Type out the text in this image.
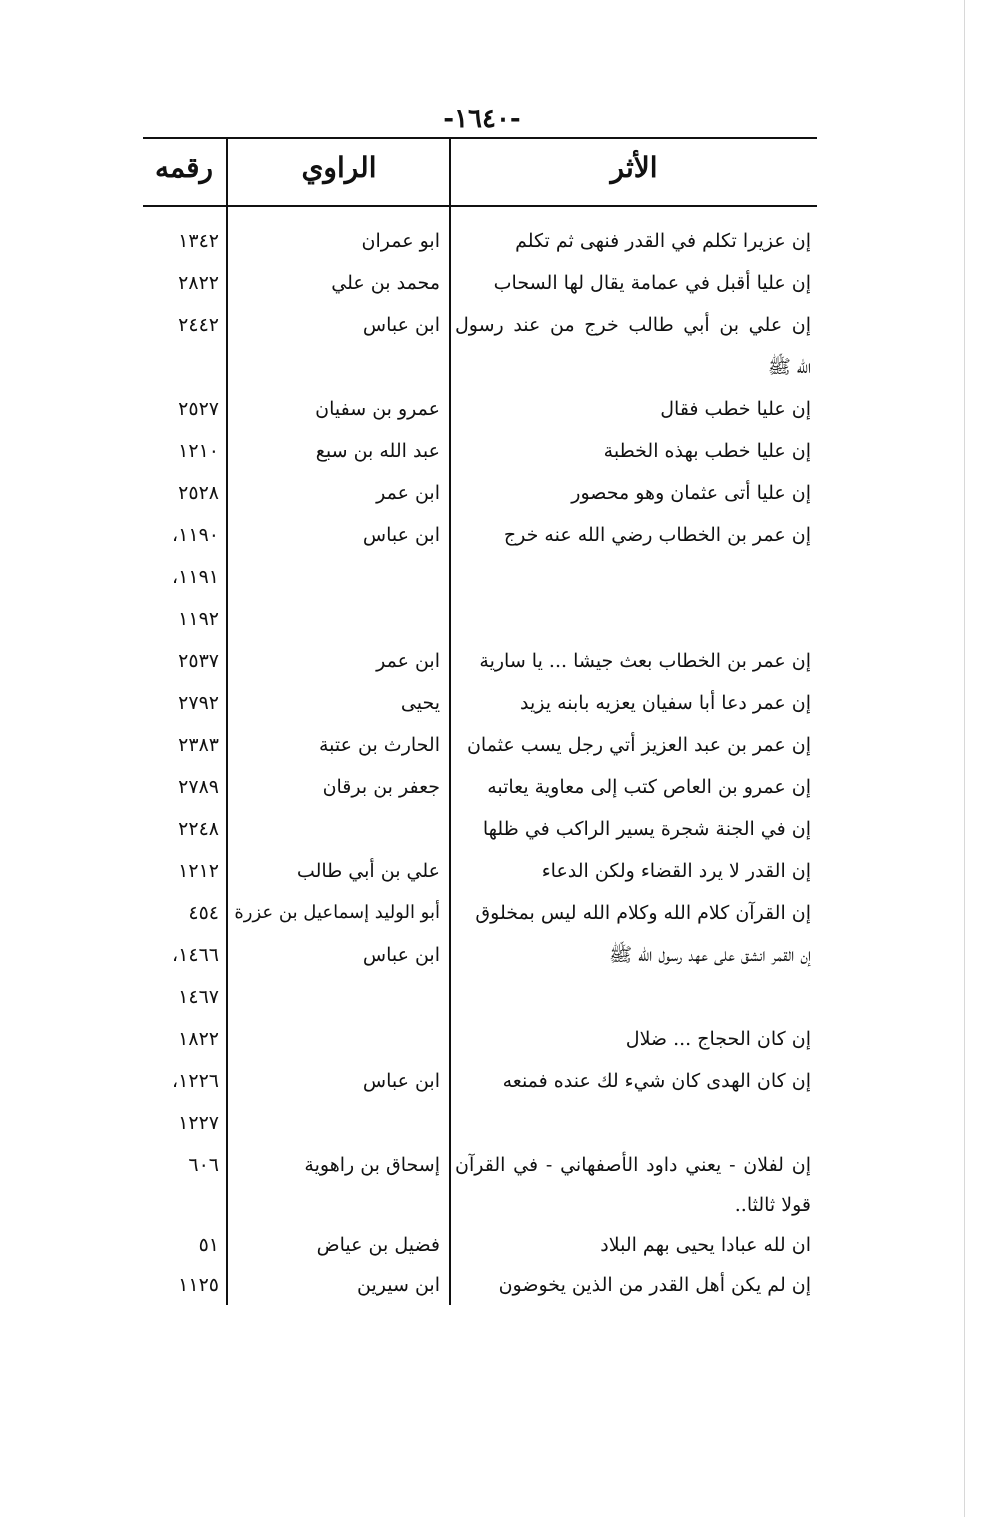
-١٦٤٠-
الأثر
الراوي
رقمه
إن عزيرا تكلم في القدر فنهى ثم تكلم
ابو عمران
١٣٤٢
إن عليا أقبل في عمامة يقال لها السحاب
محمد بن علي
٢٨٢٢
إن علي بن أبي طالب خرج من عند رسول
ابن عباس
٢٤٤٢
الله ﷺ
إن عليا خطب فقال
عمرو بن سفيان
٢٥٢٧
إن عليا خطب بهذه الخطبة
عبد الله بن سبع
١٢١٠
إن عليا أتى عثمان وهو محصور
ابن عمر
٢٥٢٨
إن عمر بن الخطاب رضي الله عنه خرج
ابن عباس
١١٩٠،
١١٩١،
١١٩٢
إن عمر بن الخطاب بعث جيشا ... يا سارية
ابن عمر
٢٥٣٧
إن عمر دعا أبا سفيان يعزيه بابنه يزيد
يحيى
٢٧٩٢
إن عمر بن عبد العزيز أتي رجل يسب عثمان
الحارث بن عتبة
٢٣٨٣
إن عمرو بن العاص كتب إلى معاوية يعاتبه
جعفر بن برقان
٢٧٨٩
إن في الجنة شجرة يسير الراكب في ظلها
٢٢٤٨
إن القدر لا يرد القضاء ولكن الدعاء
علي بن أبي طالب
١٢١٢
إن القرآن كلام الله وكلام الله ليس بمخلوق
أبو الوليد إسماعيل بن عزرة
٤٥٤
إن القمر انشق على عهد رسول الله ﷺ
ابن عباس
١٤٦٦،
١٤٦٧
إن كان الحجاج ... ضلال
١٨٢٢
إن كان الهدى كان شيء لك عنده فمنعه
ابن عباس
١٢٢٦،
١٢٢٧
إن لفلان - يعني داود الأصفهاني - في القرآن
إسحاق بن راهوية
٦٠٦
قولا ثالثا..
ان لله عبادا يحيى بهم البلاد
فضيل بن عياض
٥١
إن لم يكن أهل القدر من الذين يخوضون
ابن سيرين
١١٢٥
